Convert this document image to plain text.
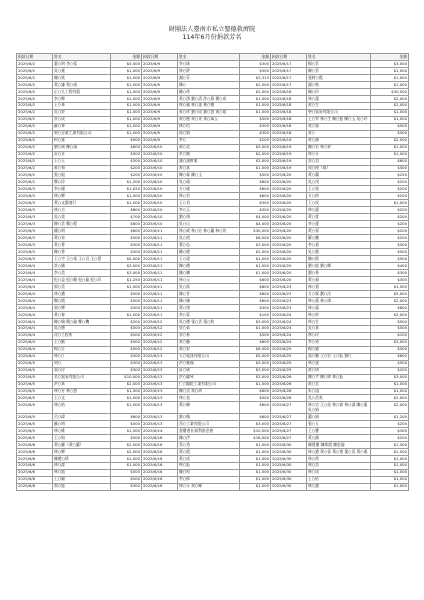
財團法人臺南市私立聖德救濟院
114年6月份捐款芳名
捐款日期	姓名	金額	捐款日期	姓名	金額	捐款日期	姓名	金額
2025/6/2	董○明 李○蓉	$5,000	2025/6/9	李○珠	$300	2025/6/17	楊○雲	$3,000
2025/6/2	吳○賓	$1,000	2025/6/9	林○鈴	$300	2025/6/17	陳○雲	$1,000
2025/6/2	陳○欣	$1,000	2025/6/9	謝○芬	$3,315	2025/6/17	張婷○霞	$1,000
2025/6/2	黃○謙 黃○威	$1,000	2025/6/9	陳○	$2,000	2025/6/17	謝○秋	$1,000
2025/6/2	正○九工程有限	$1,000	2025/6/9	陳○珍	$2,000	2025/6/18	陳○玲	$30,000
2025/6/2	李○輝	$1,000	2025/6/9	黃○湊 劉○清 許○燕 楊○成	$1,000	2025/6/18	林○蓮	$2,000
2025/6/2	王○華	$1,000	2025/6/9	林○義 林○達 林○德	$1,000	2025/6/18	黃○生	$2,000
2025/6/2	吳○鈴	$1,000	2025/6/9	黃○珍 劉○成 劉○慧 黃○霞	$1,000	2025/6/18	聖○貿易有限公司	$1,000
2025/6/2	許○成	$1,000	2025/6/9	黃○德 黃○英 黃○萬玉	$500	2025/6/18	王○苹 林○生 陳○慈 陳○玉 吳○玲	$1,000
2025/6/2	蘇○華	$1,000	2025/6/9	林○均	$300	2025/6/18	黃○霖	$500
2025/6/2	聖○企業工業有限公司	$1,000	2025/6/9	孫○娟	$300	2025/6/18	黃○	$500
2025/6/2	柯○賓	$900	2025/6/9	李○	$200	2025/6/19	黃○鋒	$2,000
2025/6/2	劉○瑛 陳○鴻	$600	2025/6/10	黃○美	$3,000	2025/6/19	陳○宏 林○鈴	$1,000
2025/6/2	莊○菲	$300	2025/6/10	洪○鳳	$2,000	2025/6/19	林○芬	$1,000
2025/6/2	王○玉	$300	2025/6/10	潘○濤實業	$2,000	2025/6/19	蔡○美	$600
2025/6/2	黃○和	$200	2025/6/10	黃○真	$1,000	2025/6/19	周○理（餘）	$500
2025/6/2	張○振	$200	2025/6/10	陳○霖 陳○玉	$500	2025/6/20	黃○蘭	$250
2025/6/2	鄭○玲	$1,200	2025/6/10	吳○瑜	$600	2025/6/20	吳○茂	$200
2025/6/3	李○瑾	$1,020	2025/6/10	方○瑜	$600	2025/6/20	王○榮	$200
2025/6/3	林○輝	$1,000	2025/6/10	林○君	$600	2025/6/20	方○財	$200
2025/6/3	黃○文藝商行	$1,000	2025/6/10	王○君	$300	2025/6/20	王○玫	$1,000
2025/6/3	林○吉	$800	2025/6/10	李○玉	$300	2025/6/20	林○惠	$200
2025/6/3	吳○榮	$700	2025/6/10	劉○翔	$4,000	2025/6/20	黃○萱	$200
2025/6/3	柳○雲 鄭○程	$600	2025/6/10	吳○山	$4,000	2025/6/20	李○蓮	$200
2025/6/3	鍾○明	$600	2025/6/11	林○威 林○宏 林○蕙 林○玫	$30,000	2025/6/20	黃○蓉	$200
2025/6/3	黃○泉	$500	2025/6/11	吳○茵	$6,000	2025/6/20	羅○騰	$200
2025/6/3	黃○香	$300	2025/6/11	葉○弘	$3,000	2025/6/20	李○嘉	$500
2025/6/3	陳○香	$300	2025/6/11	陳○健	$2,000	2025/6/20	吳○蔥	$500
2025/6/3	王○宇 王○棠 王○羽 王○恩	$5,000	2025/6/11	王○遠	$1,000	2025/6/20	陳○熙	$500
2025/6/4	許○嬌	$3,000	2025/6/11	陳○德	$1,000	2025/6/20	劉○庭 劉○暉	$400
2025/6/4	李○美	$3,000	2025/6/11	陳○嫻	$1,000	2025/6/20	劉○香	$300
2025/6/4	紀○益 紀○順 紀○倫 紀○玲	$1,250	2025/6/11	林○元	$600	2025/6/20	黃○福	$300
2025/6/4	郭○美	$1,000	2025/6/11	吳○淇	$600	2025/6/23	林○嘉	$1,000
2025/6/4	林○濃	$500	2025/6/11	陳○甘	$600	2025/6/23	方○霖 劉○法	$5,000
2025/6/4	鄭○霞	$500	2025/6/11	陳○臻	$600	2025/6/23	林○燕 林○璋	$2,000
2025/6/4	郭○輝	$300	2025/6/11	黃○翔	$300	2025/6/23	林○蓮	$800
2025/6/4	黃○春	$1,000	2025/6/11	李○蓉	$100	2025/6/24	林○財	$2,000
2025/6/4	陳○翰 楊○倫 鄭○機	$200	2025/6/12	吳○德 張○雲 張○鈞	$3,000	2025/6/24	林○生	$500
2025/6/4	吳○德	$500	2025/6/12	蔡○菊	$1,000	2025/6/24	吳○真	$500
2025/6/4	涂○工程所	$500	2025/6/12	蔡○春	$500	2025/6/24	林○玲	$100
2025/6/4	王○勳	$500	2025/6/12	黃○騰	$600	2025/6/24	李○勇	$2,000
2025/6/4	楊○芷	$500	2025/6/12	黃○安	$6,000	2025/6/25	楊○婕	$500
2025/6/4	林○○	$300	2025/6/13	天○電訊有限公司	$5,000	2025/6/25	高○騰 王○宏 王○鈺 劉○	$600
2025/6/5	胡○	$300	2025/6/13	洪○獲瑜	$3,000	2025/6/25	林○達	$500
2025/6/5	高○玲	$300	2025/6/13	莊○瑛	$3,000	2025/6/25	黃○明	$200
2025/6/5	名○貿易有限公司	$10,000	2025/6/13	洪○蘭琴	$2,000	2025/6/26	陳○宇 陳○婷 林○鈺	$3,000
2025/6/5	洪○真	$2,000	2025/6/13	仁○醫院工業有限公司	$1,000	2025/6/26	黃○雲	$1,000
2025/6/5	林○芳 林○慧	$1,500	2025/6/13	陳○美 黃○珍	$600	2025/6/26	朱○誼	$1,000
2025/6/5	王○文	$1,000	2025/6/13	林○良	$500	2025/6/26	吳○美英	$2,000
2025/6/5	林○怡	$1,000	2025/6/13	黃○琳	$600	2025/6/27	林○宗 王○佑 林○霖 林○淑 陳○蓮 吳○娟	$2,000
2025/6/5	呂○瑋	$600	2025/6/13	廖○翰	$600	2025/6/27	蘭○娟	$1,200
2025/6/5	蘇○明	$500	2025/6/13	西○工業有限公司	$3,000	2025/6/27	張○玉	$200
2025/6/5	林○維	$1,000	2025/6/14	嘉慶會社福利基金會	$10,000	2025/6/27	王○寶	$300
2025/6/5	王○昀	$500	2025/6/16	陳○伊	$18,000	2025/6/27	黃○鋒	$200
2025/6/6	黃○儷（黃○蘭）	$2,000	2025/6/16	蔡○秀	$1,000	2025/6/30	陳建慶 陳綵霞 陳思瑜	$1,500
2025/6/6	林○輝	$2,000	2025/6/16	黃○霞	$1,000	2025/6/30	林○濃 黃○蓉 黃○建 董○竟 黃○燕	$1,000
2025/6/6	陳禮○珍	$1,000	2025/6/16	黃○成	$1,000	2025/6/30	林○珍	$1,000
2025/6/6	林○潔	$1,000	2025/6/16	林○鈺	$1,000	2025/6/30	林○美	$1,000
2025/6/6	林○霞	$500	2025/6/16	陳○昀	$1,000	2025/6/30	林○成	$1,000
2025/6/6	王○穎	$500	2025/6/16	李○郁	$1,000	2025/6/30	王○佑	$1,000
2025/6/6	郭○庭	$300	2025/6/16	林○芬 黃○峰	$1,000	2025/6/30	林○濃	$1,000
